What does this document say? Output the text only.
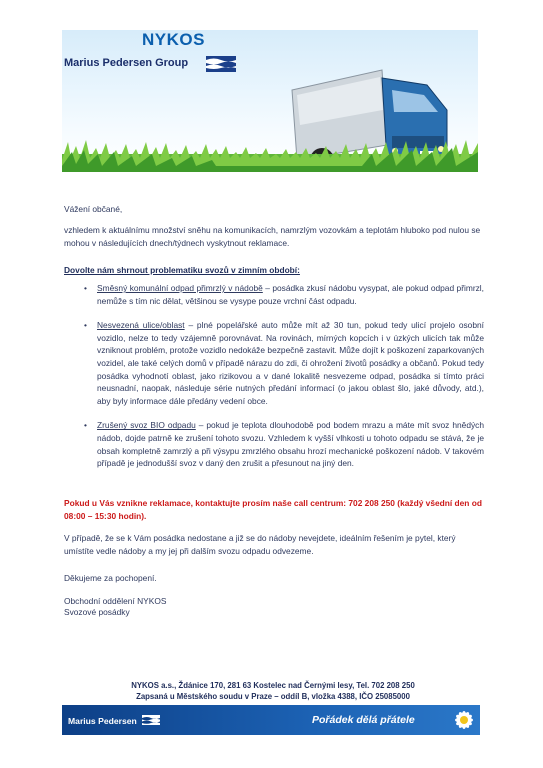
NYKOS
Marius Pedersen Group
Vážení občané,
vzhledem k aktuálnímu množství sněhu na komunikacích, namrzlým vozovkám a teplotám hluboko pod nulou se mohou v následujících dnech/týdnech vyskytnout reklamace.
Dovolte nám shrnout problematiku svozů v zimním období:
• Směsný komunální odpad přimrzlý v nádobě – posádka zkusí nádobu vysypat, ale pokud odpad přimrzl, nemůže s tím nic dělat, většinou se vysype pouze vrchní část odpadu.
• Nesvezená ulice/oblast – plné popelářské auto může mít až 30 tun, pokud tedy ulicí projelo osobní vozidlo, nelze to tedy vzájemně porovnávat. Na rovinách, mírných kopcích i v úzkých ulicích tak může vzniknout problém, protože vozidlo nedokáže bezpečně zastavit. Může dojít k poškození zaparkovaných vozidel, ale také celých domů v případě nárazu do zdi, či ohrožení životů posádky a občanů. Pokud tedy posádka vyhodnotí oblast, jako rizikovou a v dané lokalitě nesvezeme odpad, posádka si tímto práci neusnadní, naopak, následuje série nutných předání informací (o jakou oblast šlo, jaké důvody, atd.), aby byly informace dále předány vedení obce.
• Zrušený svoz BIO odpadu – pokud je teplota dlouhodobě pod bodem mrazu a máte mít svoz hnědých nádob, dojde patrně ke zrušení tohoto svozu. Vzhledem k vyšší vlhkosti u tohoto odpadu se stává, že je obsah kompletně zamrzlý a při výsypu zmrzlého obsahu hrozí mechanické poškození nádob. V takovém případě je jednodušší svoz v daný den zrušit a přesunout na jiný den.
Pokud u Vás vznikne reklamace, kontaktujte prosím naše call centrum: 702 208 250 (každý všední den od 08:00 – 15:30 hodin).
V případě, že se k Vám posádka nedostane a již se do nádoby nevejdete, ideálním řešením je pytel, který umístíte vedle nádoby a my jej při dalším svozu odpadu odvezeme.
Děkujeme za pochopení.
Obchodní oddělení NYKOS
Svozové posádky
NYKOS a.s., Ždánice 170, 281 63 Kostelec nad Černými lesy, Tel. 702 208 250
Zapsaná u Městského soudu v Praze – oddíl B, vložka 4388, IČO 25085000
Marius Pedersen	Pořádek dělá přátele
